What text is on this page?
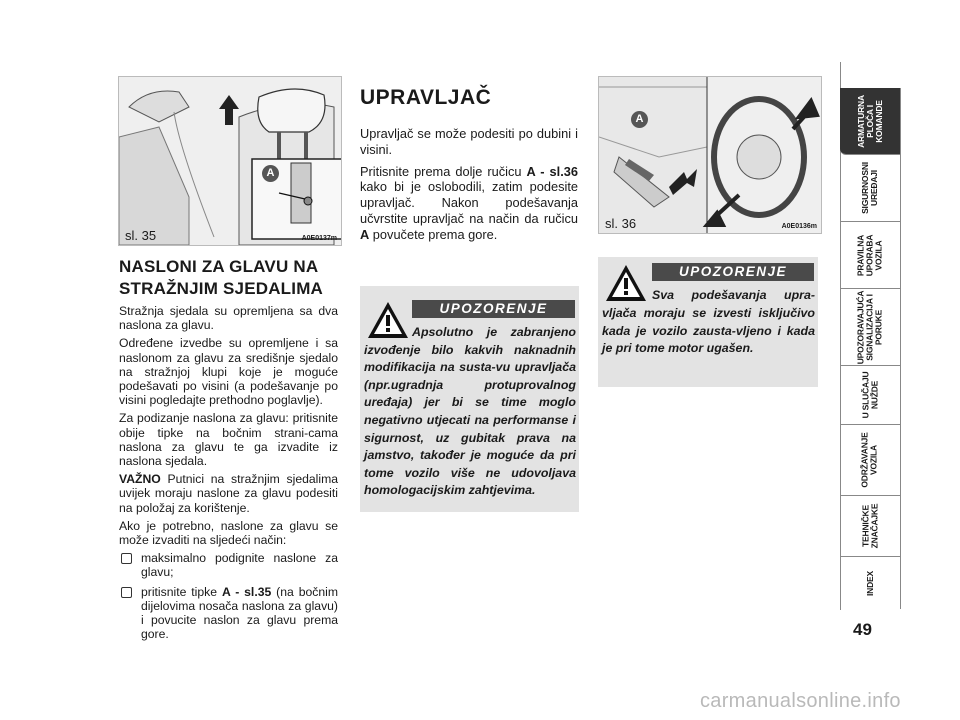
A
sl. 35	A0E0137m
A
sl. 36	A0E0136m
NASLONI ZA GLAVU NA
STRAŽNJIM SJEDALIMA

Stražnja sjedala su opremljena sa dva naslona za glavu.

Određene izvedbe su opremljene i sa naslonom za glavu za središnje sjedalo na stražnjoj klupi koje je moguće podešavati po visini (a podešavanje po visini pogledajte prethodno poglavlje).

Za podizanje naslona za glavu: pritisnite obije tipke na bočnim strani-cama naslona za glavu te ga izvadite iz naslona sjedala.

VAŽNO Putnici na stražnjim sjedalima uvijek moraju naslone za glavu podesiti na položaj za korištenje.

Ako je potrebno, naslone za glavu se može izvaditi na sljedeći način:

maksimalno podignite naslone za glavu;
pritisnite tipke A - sl.35 (na bočnim dijelovima nosača naslona za glavu) i povucite naslon za glavu prema gore.
UPRAVLJAČ

Upravljač se može podesiti po dubini i visini.

Pritisnite prema dolje ručicu A - sl.36 kako bi je oslobodili, zatim podesite upravljač. Nakon podešavanja učvrstite upravljač na način da ručicu A povučete prema gore.

UPOZORENJE
Apsolutno je zabranjeno izvođenje bilo kakvih naknadnih modifikacija na susta-vu upravljača (npr.ugradnja protuprovalnog uređaja) jer bi se time moglo negativno utjecati na performanse i sigurnost, uz gubitak prava na jamstvo, također je moguće da pri tome vozilo više ne udovoljava homologacijskim zahtjevima.
UPOZORENJE
Sva podešavanja upra-vljača moraju se izvesti isključivo kada je vozilo zausta-vljeno i kada je pri tome motor ugašen.
ARMATURNA
PLOČA I
KOMANDE
SIGURNOSNI
UREĐAJI
PRAVILNA
UPORABA
VOZILA
UPOZORAVAJUĆA
SIGNALIZACIJA I
PORUKE
U SLUČAJU
NUŽDE
ODRŽAVANJE
VOZILA
TEHNIČKE
ZNAČAJKE
INDEX
49
carmanualsonline.info
